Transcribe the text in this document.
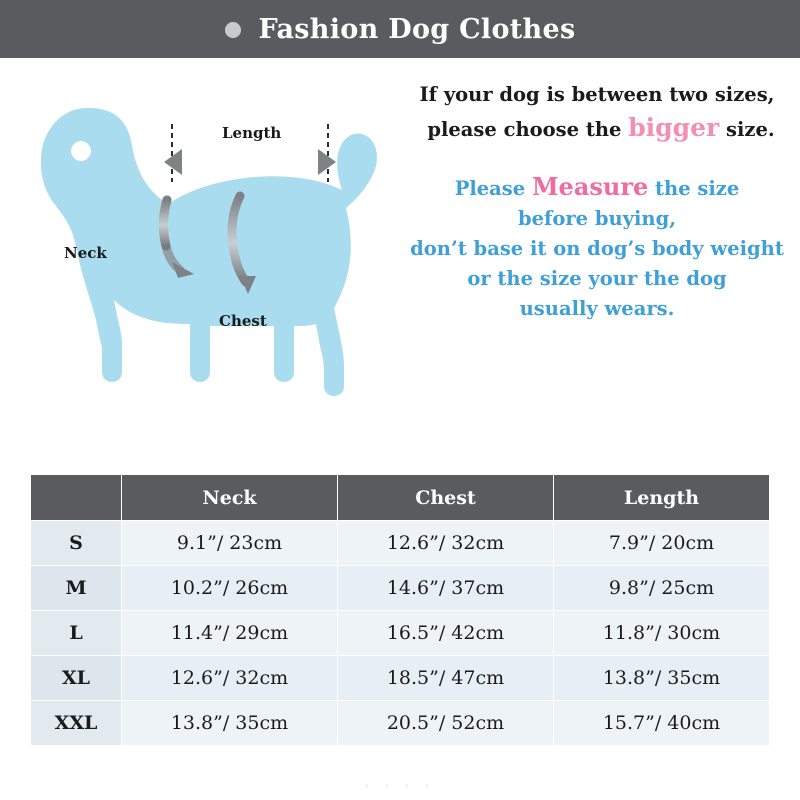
Fashion Dog Clothes
Length
Neck
Chest
If your dog is between two sizes,
please choose the bigger size.
Please Measure the size
before buying,
don’t base it on dog’s body weight
or the size your the dog
usually wears.
	Neck	Chest	Length
S	9.1”/ 23cm	12.6”/ 32cm	7.9”/ 20cm
M	10.2”/ 26cm	14.6”/ 37cm	9.8”/ 25cm
L	11.4”/ 29cm	16.5”/ 42cm	11.8”/ 30cm
XL	12.6”/ 32cm	18.5”/ 47cm	13.8”/ 35cm
XXL	13.8”/ 35cm	20.5”/ 52cm	15.7”/ 40cm
• • • •
